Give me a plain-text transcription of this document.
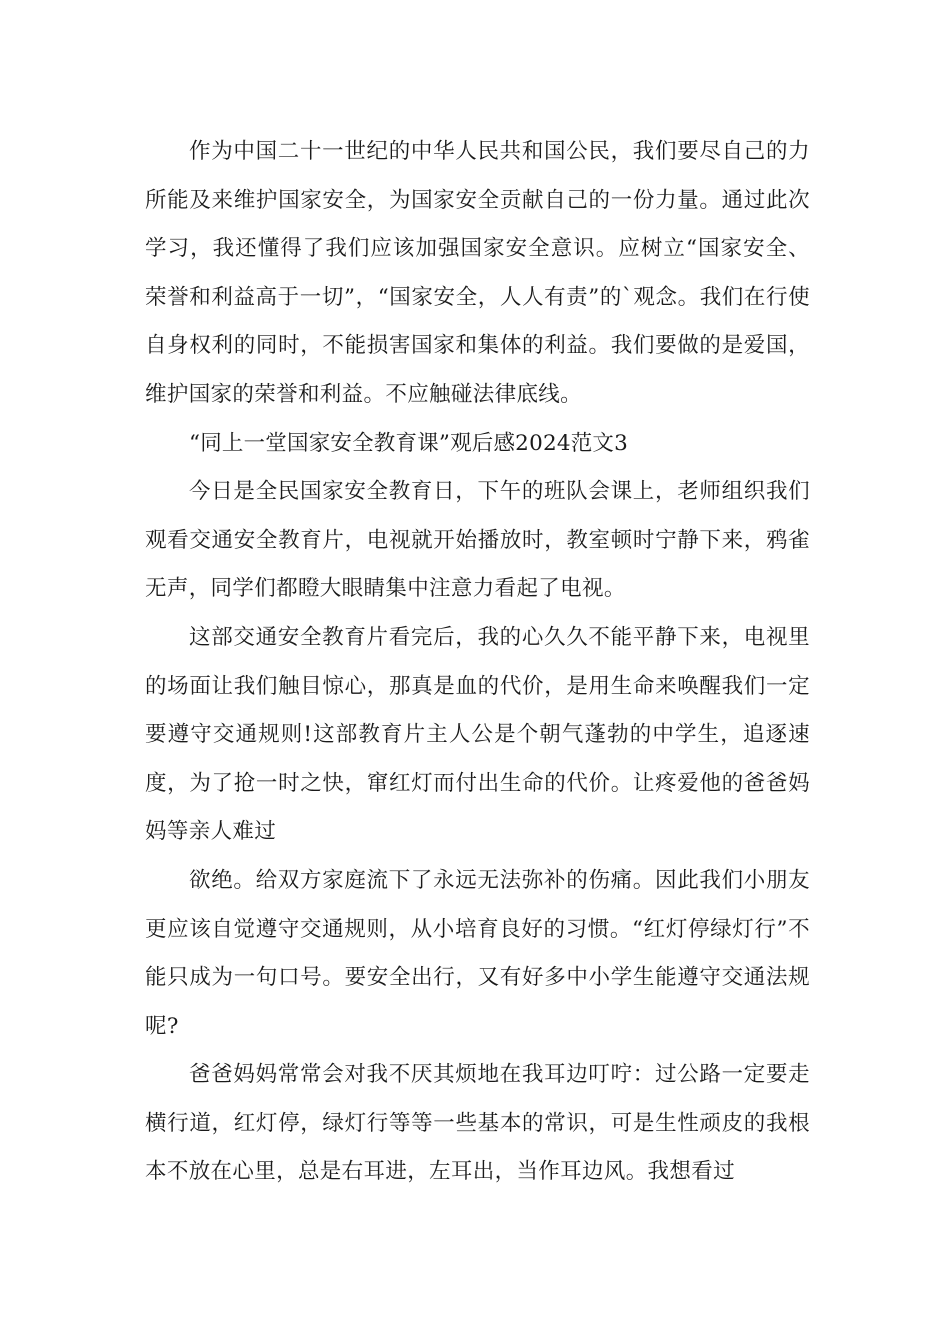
作为中国二十一世纪的中华人民共和国公民，我们要尽自己的力所能及来维护国家安全，为国家安全贡献自己的一份力量。通过此次学习，我还懂得了我们应该加强国家安全意识。应树立“国家安全、荣誉和利益高于一切”，“国家安全，人人有责”的`观念。我们在行使自身权利的同时，不能损害国家和集体的利益。我们要做的是爱国，维护国家的荣誉和利益。不应触碰法律底线。

“同上一堂国家安全教育课”观后感2024范文3

今日是全民国家安全教育日，下午的班队会课上，老师组织我们观看交通安全教育片，电视就开始播放时，教室顿时宁静下来，鸦雀无声，同学们都瞪大眼睛集中注意力看起了电视。

这部交通安全教育片看完后，我的心久久不能平静下来，电视里的场面让我们触目惊心，那真是血的代价，是用生命来唤醒我们一定要遵守交通规则!这部教育片主人公是个朝气蓬勃的中学生，追逐速度，为了抢一时之快，窜红灯而付出生命的代价。让疼爱他的爸爸妈妈等亲人难过

欲绝。给双方家庭流下了永远无法弥补的伤痛。因此我们小朋友更应该自觉遵守交通规则，从小培育良好的习惯。“红灯停绿灯行”不能只成为一句口号。要安全出行，又有好多中小学生能遵守交通法规呢?

爸爸妈妈常常会对我不厌其烦地在我耳边叮咛：过公路一定要走横行道，红灯停，绿灯行等等一些基本的常识，可是生性顽皮的我根本不放在心里，总是右耳进，左耳出，当作耳边风。我想看过
